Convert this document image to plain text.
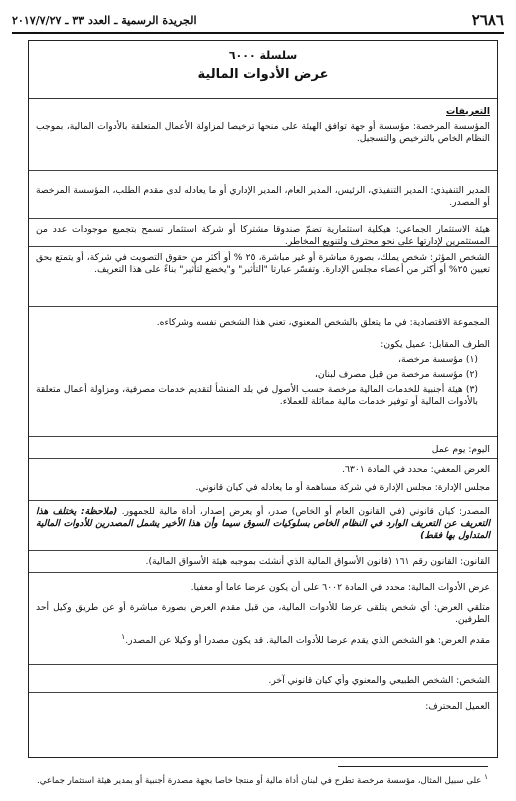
٢٦٨٦
الجريدة الرسمية ـ العدد ٣٣ ـ ٢٠١٧/٧/٢٧
سلسلة ٦٠٠٠
عرض الأدوات المالية
التعريفات
المؤسسة المرخصة: مؤسسة أو جهة توافق الهيئة على منحها ترخيصا لمزاولة الأعمال المتعلقة بالأدوات المالية، بموجب النظام الخاص بالترخيص والتسجيل.
المدير التنفيذي: المدير التنفيذي، الرئيس، المدير العام، المدير الإداري أو ما يعادله لدى مقدم الطلب، المؤسسة المرخصة أو المصدر.
هيئة الاستثمار الجماعي: هيكلية استثمارية تضمّ صندوقا مشتركا أو شركة استثمار تسمح بتجميع موجودات عدد من المستثمرين لإدارتها على نحو محترف ولتنويع المخاطر.
الشخص المؤثر: شخص يملك، بصورة مباشرة أو غير مباشرة، ٢٥ % أو أكثر من حقوق التصويت في شركة، أو يتمتع بحق تعيين ٢٥% أو أكثر من أعضاء مجلس الإدارة. وتفسّر عبارتا "التأثير" و"يخضع لتأثير" بناءً على هذا التعريف.
المجموعة الاقتصادية: في ما يتعلق بالشخص المعنوي، تعني هذا الشخص نفسه وشركاءه.
الطرف المقابل: عميل يكون:
(١) مؤسسة مرخصة،
(٢) مؤسسة مرخصة من قبل مصرف لبنان،
(٣) هيئة أجنبية للخدمات المالية مرخصة حسب الأصول في بلد المنشأ لتقديم خدمات مصرفية، ومزاولة أعمال متعلقة بالأدوات المالية أو توفير خدمات مالية مماثلة للعملاء.
اليوم: يوم عمل
العرض المعفي: محدد في المادة ٦٣٠١.
مجلس الإدارة: مجلس الإدارة في شركة مساهمة أو ما يعادله في كيان قانوني.
المصدر: كيان قانوني (في القانون العام أو الخاص) صدر، أو يعرض إصدار، أداة مالية للجمهور. (ملاحظة: يختلف هذا التعريف عن التعريف الوارد في النظام الخاص بسلوكيات السوق سيما وأن هذا الأخير يشمل المصدرين للأدوات المالية المتداول بها فقط)
القانون: القانون رقم ١٦١ (قانون الأسواق المالية الذي أنشئت بموجبه هيئة الأسواق المالية).
عرض الأدوات المالية: محدد في المادة ٦٠٠٢ على أن يكون عرضا عاما أو معفيا.
متلقي العرض: أي شخص يتلقى عرضا للأدوات المالية، من قبل مقدم العرض بصورة مباشرة أو عن طريق وكيل أحد الطرفين.
مقدم العرض: هو الشخص الذي يقدم عرضا للأدوات المالية. قد يكون مصدرا أو وكيلا عن المصدر.$^١$
الشخص: الشخص الطبيعي والمعنوي وأي كيان قانوني آخر.
العميل المحترف:
$^١$ على سبيل المثال، مؤسسة مرخصة تطرح في لبنان أداة مالية أو منتجا خاصا بجهة مصدرة أجنبية أو بمدير هيئة استثمار جماعي.
